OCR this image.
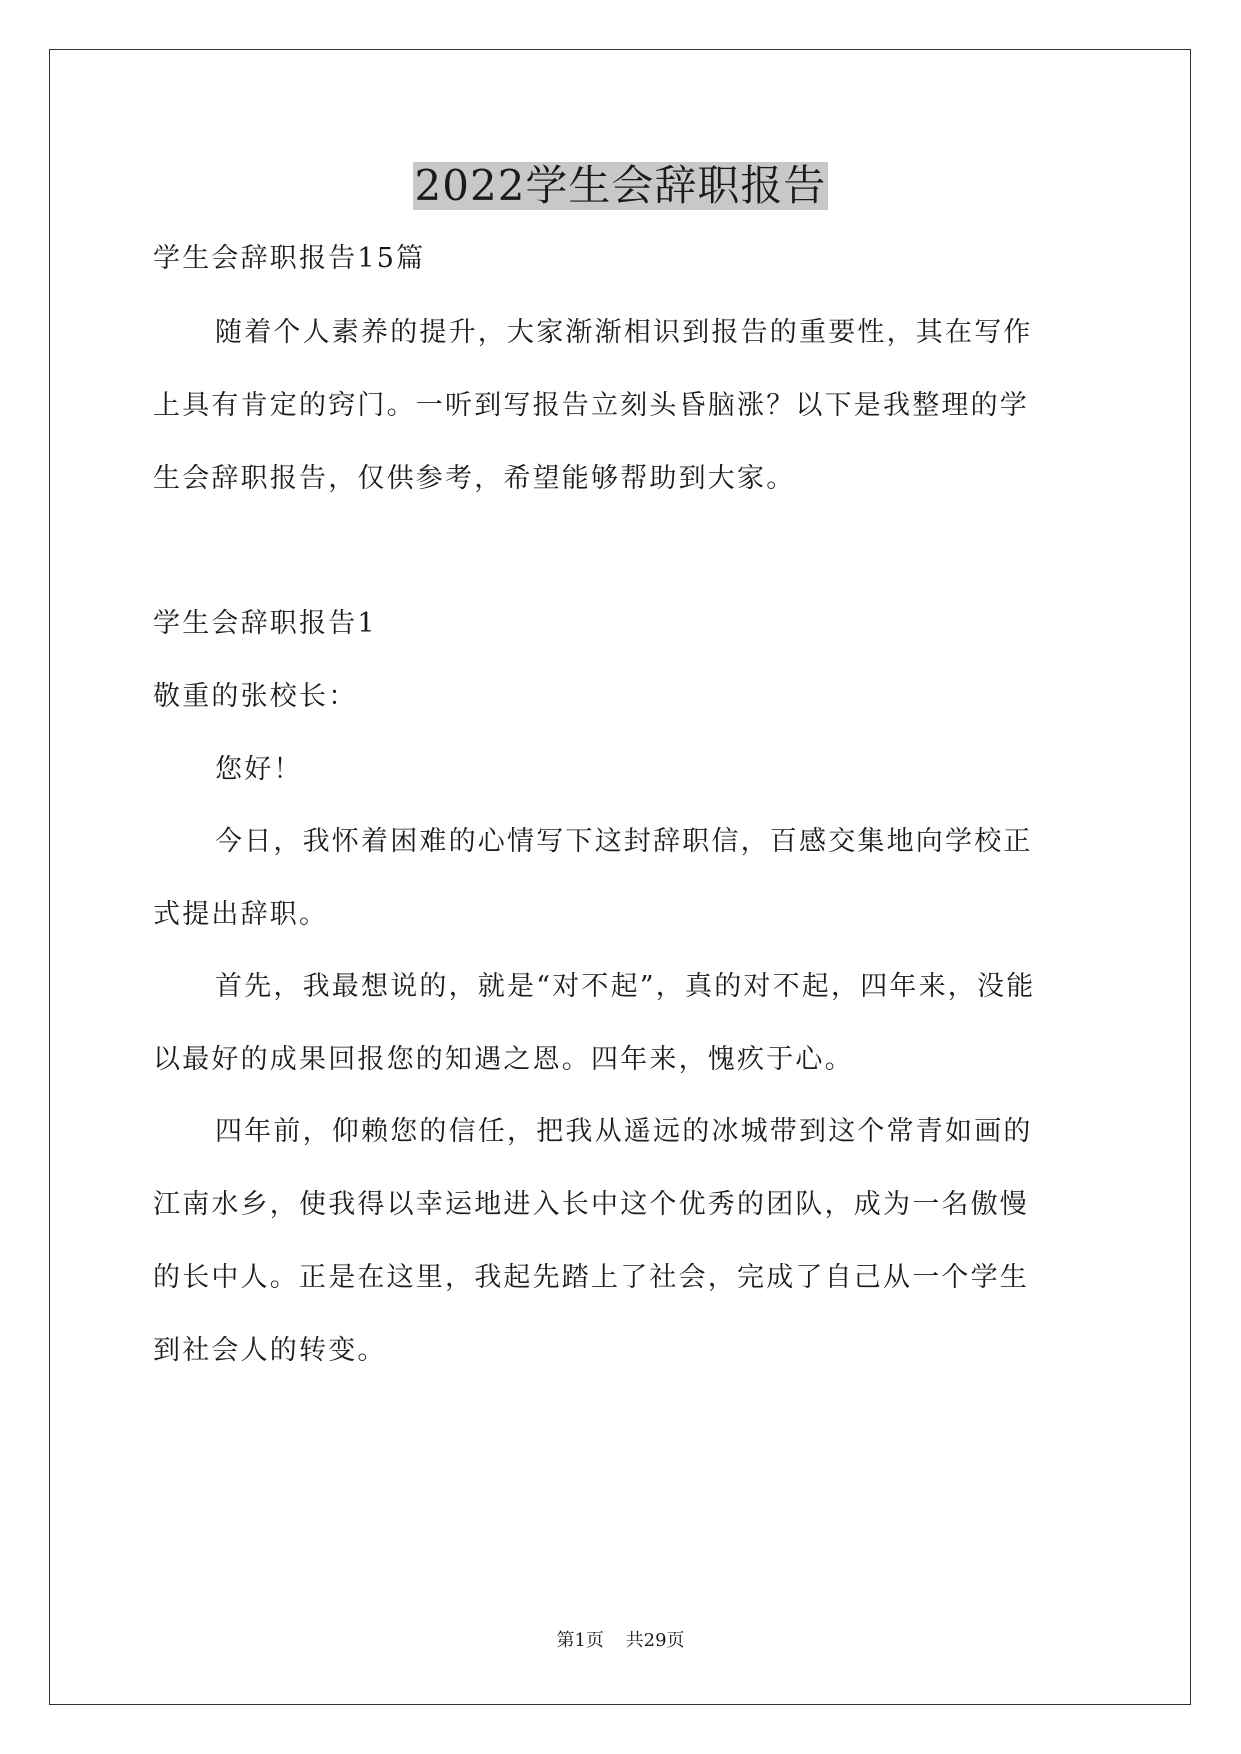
2022学生会辞职报告
学生会辞职报告15篇
随着个人素养的提升，大家渐渐相识到报告的重要性，其在写作
上具有肯定的窍门。一听到写报告立刻头昏脑涨？以下是我整理的学
生会辞职报告，仅供参考，希望能够帮助到大家。
学生会辞职报告1
敬重的张校长：
您好！
今日，我怀着困难的心情写下这封辞职信，百感交集地向学校正
式提出辞职。
首先，我最想说的，就是“对不起”，真的对不起，四年来，没能
以最好的成果回报您的知遇之恩。四年来，愧疚于心。
四年前，仰赖您的信任，把我从遥远的冰城带到这个常青如画的
江南水乡，使我得以幸运地进入长中这个优秀的团队，成为一名傲慢
的长中人。正是在这里，我起先踏上了社会，完成了自己从一个学生
到社会人的转变。
第1页 共29页
